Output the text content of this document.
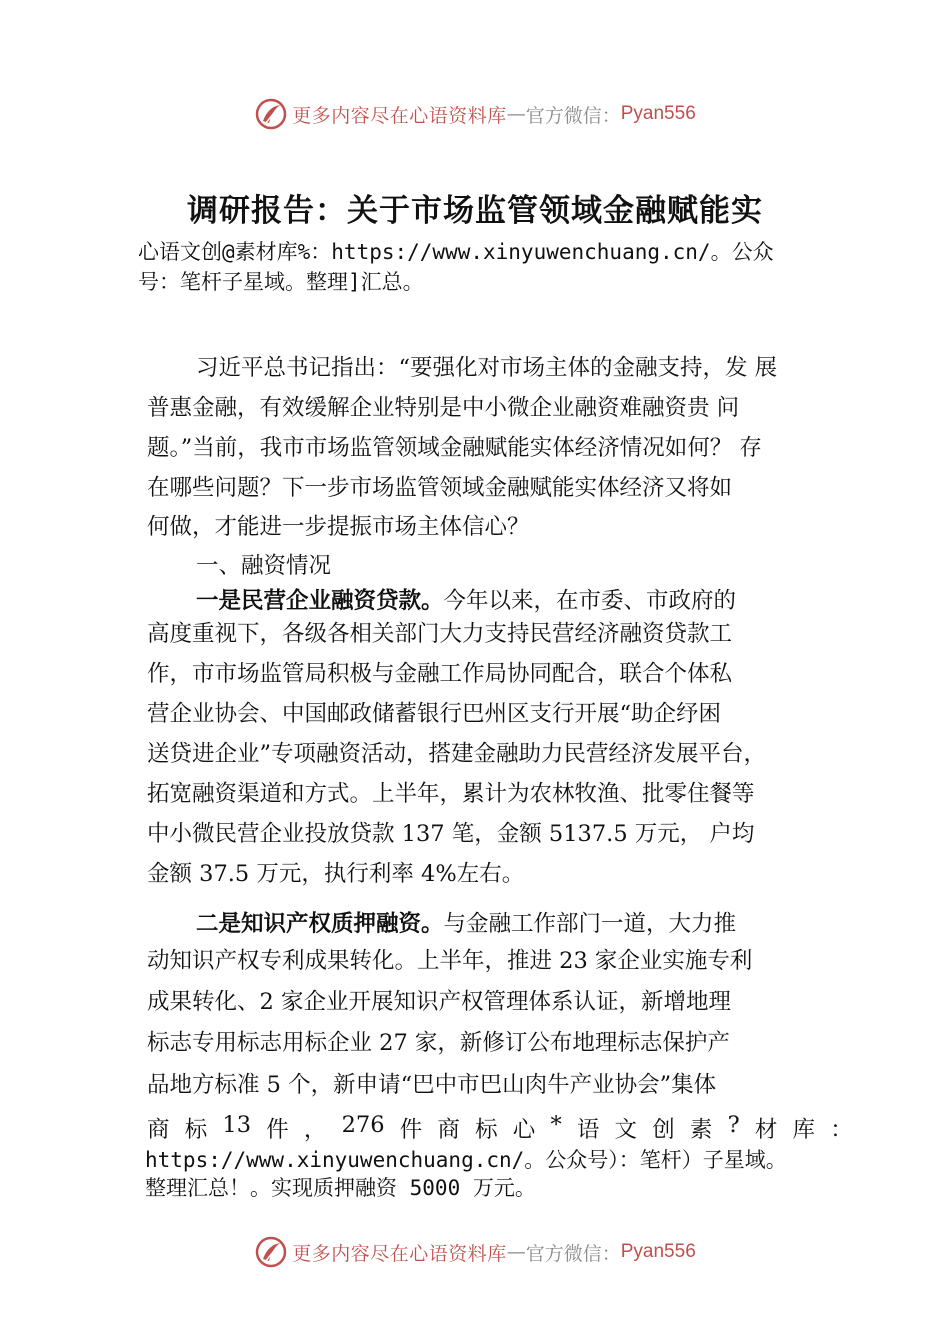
更多内容尽在心语资料库 — 官方微信： Pyan556
调研报告：关于市场监管领域金融赋能实
心语文创@素材库%：https://www.xinyuwenchuang.cn/。公众
号：笔杆子星域。整理]汇总。
习近平总书记指出：“要强化对市场主体的金融支持，发 展
普惠金融，有效缓解企业特别是中小微企业融资难融资贵 问
题。”当前，我市市场监管领域金融赋能实体经济情况如何？ 存
在哪些问题？下一步市场监管领域金融赋能实体经济又将如
何做，才能进一步提振市场主体信心？
一、融资情况
一是民营企业融资贷款。今年以来，在市委、市政府的
高度重视下，各级各相关部门大力支持民营经济融资贷款工
作，市市场监管局积极与金融工作局协同配合，联合个体私
营企业协会、中国邮政储蓄银行巴州区支行开展“助企纾困
送贷进企业”专项融资活动，搭建金融助力民营经济发展平台，
拓宽融资渠道和方式。上半年，累计为农林牧渔、批零住餐等
中小微民营企业投放贷款 137 笔，金额 5137.5 万元， 户均
金额 37.5 万元，执行利率 4%左右。
二是知识产权质押融资。与金融工作部门一道，大力推
动知识产权专利成果转化。上半年，推进 23 家企业实施专利
成果转化、2 家企业开展知识产权管理体系认证，新增地理
标志专用标志用标企业 27 家，新修订公布地理标志保护产
品地方标准 5 个，新申请“巴中市巴山肉牛产业协会”集体
商 标 13 件 ， 276 件 商 标 心 * 语 文 创 素 ? 材 库 ：
https://www.xinyuwenchuang.cn/。公众号）：笔杆）子星域。
整理汇总！。实现质押融资 5000 万元。
更多内容尽在心语资料库 — 官方微信： Pyan556
